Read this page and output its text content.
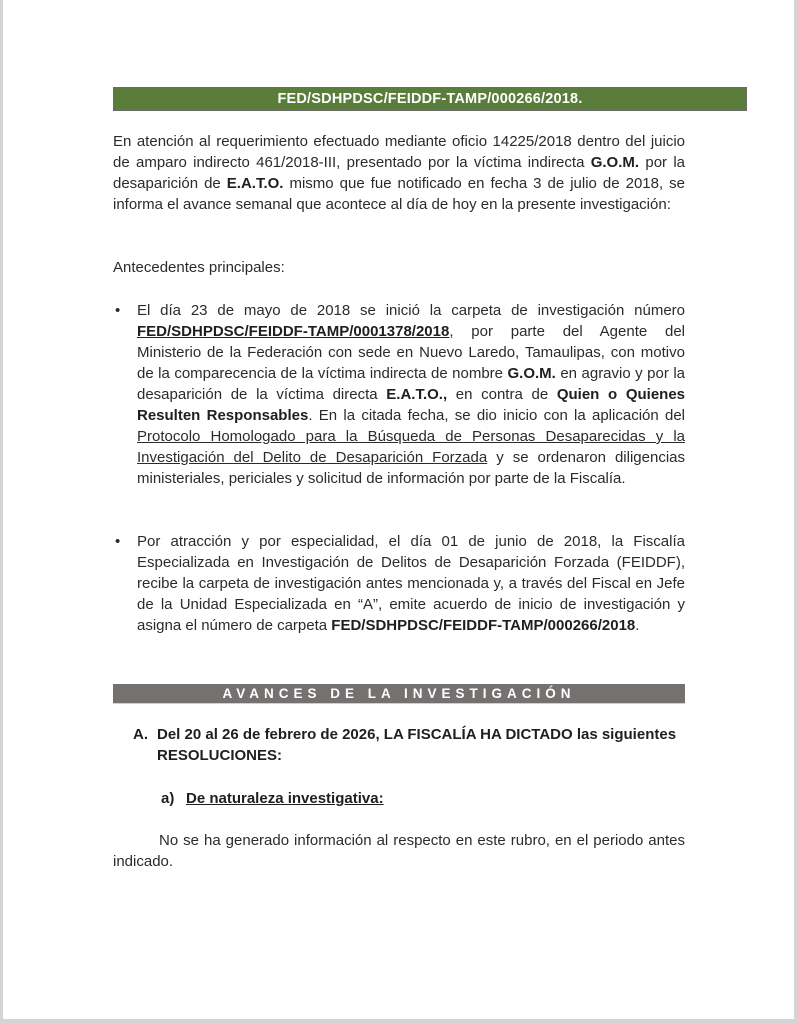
FED/SDHPDSC/FEIDDF-TAMP/000266/2018.

En atención al requerimiento efectuado mediante oficio 14225/2018 dentro del juicio de amparo indirecto 461/2018-III, presentado por la víctima indirecta G.O.M. por la desaparición de E.A.T.O. mismo que fue notificado en fecha 3 de julio de 2018, se informa el avance semanal que acontece al día de hoy en la presente investigación:

Antecedentes principales:

• El día 23 de mayo de 2018 se inició la carpeta de investigación número FED/SDHPDSC/FEIDDF-TAMP/0001378/2018, por parte del Agente del Ministerio de la Federación con sede en Nuevo Laredo, Tamaulipas, con motivo de la comparecencia de la víctima indirecta de nombre G.O.M. en agravio y por la desaparición de la víctima directa E.A.T.O., en contra de Quien o Quienes Resulten Responsables. En la citada fecha, se dio inicio con la aplicación del Protocolo Homologado para la Búsqueda de Personas Desaparecidas y la Investigación del Delito de Desaparición Forzada y se ordenaron diligencias ministeriales, periciales y solicitud de información por parte de la Fiscalía.
• Por atracción y por especialidad, el día 01 de junio de 2018, la Fiscalía Especializada en Investigación de Delitos de Desaparición Forzada (FEIDDF), recibe la carpeta de investigación antes mencionada y, a través del Fiscal en Jefe de la Unidad Especializada en “A”, emite acuerdo de inicio de investigación y asigna el número de carpeta FED/SDHPDSC/FEIDDF-TAMP/000266/2018.
AVANCES DE LA INVESTIGACIÓN
A. Del 20 al 26 de febrero de 2026, LA FISCALÍA HA DICTADO las siguientes RESOLUCIONES:
a) De naturaleza investigativa:

No se ha generado información al respecto en este rubro, en el periodo antes indicado.
